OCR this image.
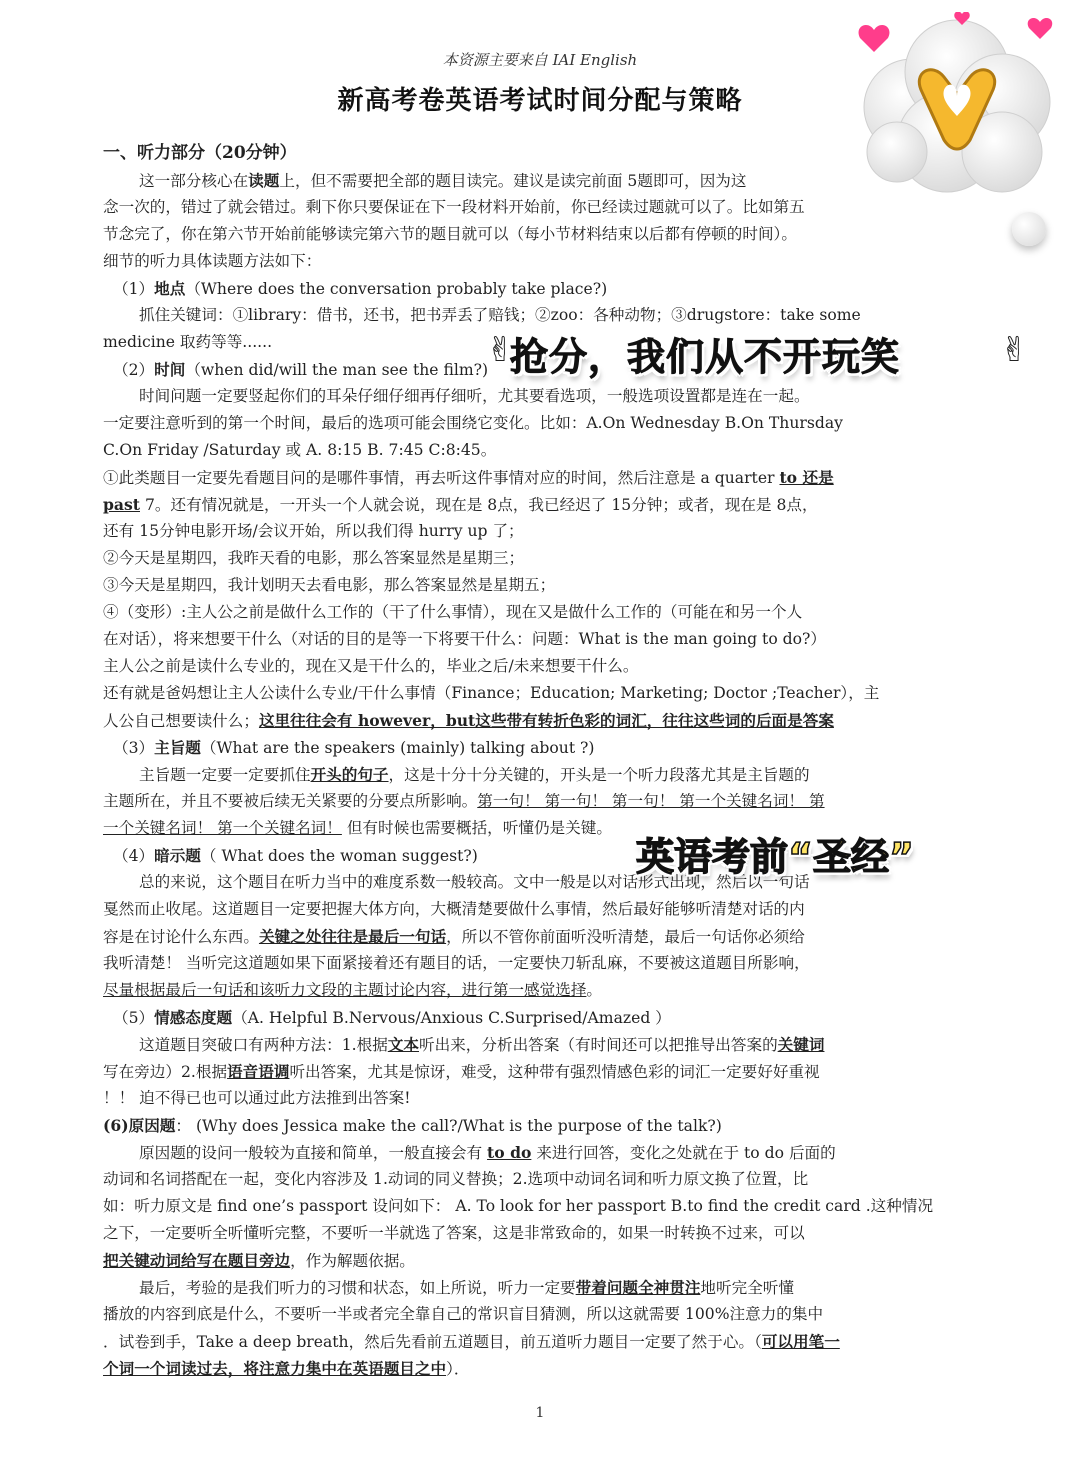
本资源主要来自 IAI English
新高考卷英语考试时间分配与策略
一、听力部分（20分钟）
这一部分核心在读题上，但不需要把全部的题目读完。建议是读完前面 5题即可，因为这
念一次的，错过了就会错过。剩下你只要保证在下一段材料开始前，你已经读过题就可以了。比如第五
节念完了，你在第六节开始前能够读完第六节的题目就可以（每小节材料结束以后都有停顿的时间）。
细节的听力具体读题方法如下：
（1）地点（Where does the conversation probably take place?)
抓住关键词：①library：借书，还书，把书弄丢了赔钱；②zoo：各种动物；③drugstore：take some
medicine 取药等等......
（2）时间（when did/will the man see the film?)
时间问题一定要竖起你们的耳朵仔细仔细再仔细听，尤其要看选项，一般选项设置都是连在一起。
一定要注意听到的第一个时间，最后的选项可能会围绕它变化。比如：A.On Wednesday B.On Thursday
C.On Friday /Saturday 或 A. 8:15 B. 7:45 C:8:45。
①此类题目一定要先看题目问的是哪件事情，再去听这件事情对应的时间，然后注意是 a quarter to 还是
past 7。还有情况就是，一开头一个人就会说，现在是 8点，我已经迟了 15分钟；或者，现在是 8点，
还有 15分钟电影开场/会议开始，所以我们得 hurry up 了；
②今天是星期四，我昨天看的电影，那么答案显然是星期三；
③今天是星期四，我计划明天去看电影，那么答案显然是星期五；
④（变形）:主人公之前是做什么工作的（干了什么事情），现在又是做什么工作的（可能在和另一个人
在对话），将来想要干什么（对话的目的是等一下将要干什么：问题：What is the man going to do?）
主人公之前是读什么专业的，现在又是干什么的，毕业之后/未来想要干什么。
还有就是爸妈想让主人公读什么专业/干什么事情（Finance；Education; Marketing; Doctor ;Teacher），主
人公自己想要读什么；这里往往会有 however，but这些带有转折色彩的词汇，往往这些词的后面是答案
（3）主旨题（What are the speakers (mainly) talking about ?)
主旨题一定要一定要抓住开头的句子，这是十分十分关键的，开头是一个听力段落尤其是主旨题的
主题所在，并且不要被后续无关紧要的分要点所影响。第一句！ 第一句！ 第一句！ 第一个关键名词！ 第
一个关键名词！ 第一个关键名词！ 但有时候也需要概括，听懂仍是关键。
（4）暗示题（ What does the woman suggest?)
总的来说，这个题目在听力当中的难度系数一般较高。文中一般是以对话形式出现，然后以一句话
戛然而止收尾。这道题目一定要把握大体方向，大概清楚要做什么事情，然后最好能够听清楚对话的内
容是在讨论什么东西。关键之处往往是最后一句话，所以不管你前面听没听清楚，最后一句话你必须给
我听清楚！ 当听完这道题如果下面紧接着还有题目的话，一定要快刀斩乱麻，不要被这道题目所影响，
尽量根据最后一句话和该听力文段的主题讨论内容，进行第一感觉选择。
（5）情感态度题（A. Helpful B.Nervous/Anxious C.Surprised/Amazed ）
这道题目突破口有两种方法：1.根据文本听出来，分析出答案（有时间还可以把推导出答案的关键词
写在旁边）2.根据语音语调听出答案，尤其是惊讶，难受，这种带有强烈情感色彩的词汇一定要好好重视
！！ 迫不得已也可以通过此方法推到出答案!
(6)原因题： (Why does Jessica make the call?/What is the purpose of the talk?)
原因题的设问一般较为直接和简单，一般直接会有 to do 来进行回答，变化之处就在于 to do 后面的
动词和名词搭配在一起，变化内容涉及 1.动词的同义替换；2.选项中动词名词和听力原文换了位置，比
如：听力原文是 find one’s passport 设问如下： A. To look for her passport B.to find the credit card .这种情况
之下，一定要听全听懂听完整，不要听一半就选了答案，这是非常致命的，如果一时转换不过来，可以
把关键动词给写在题目旁边，作为解题依据。
最后，考验的是我们听力的习惯和状态，如上所说，听力一定要带着问题全神贯注地听完全听懂
播放的内容到底是什么，不要听一半或者完全靠自己的常识盲目猜测，所以这就需要 100%注意力的集中
．试卷到手，Take a deep breath，然后先看前五道题目，前五道听力题目一定要了然于心。（可以用笔一
个词一个词读过去，将注意力集中在英语题目之中）．
1
✌
抢分，我们从不开玩笑	✌
英语考前“圣经”
